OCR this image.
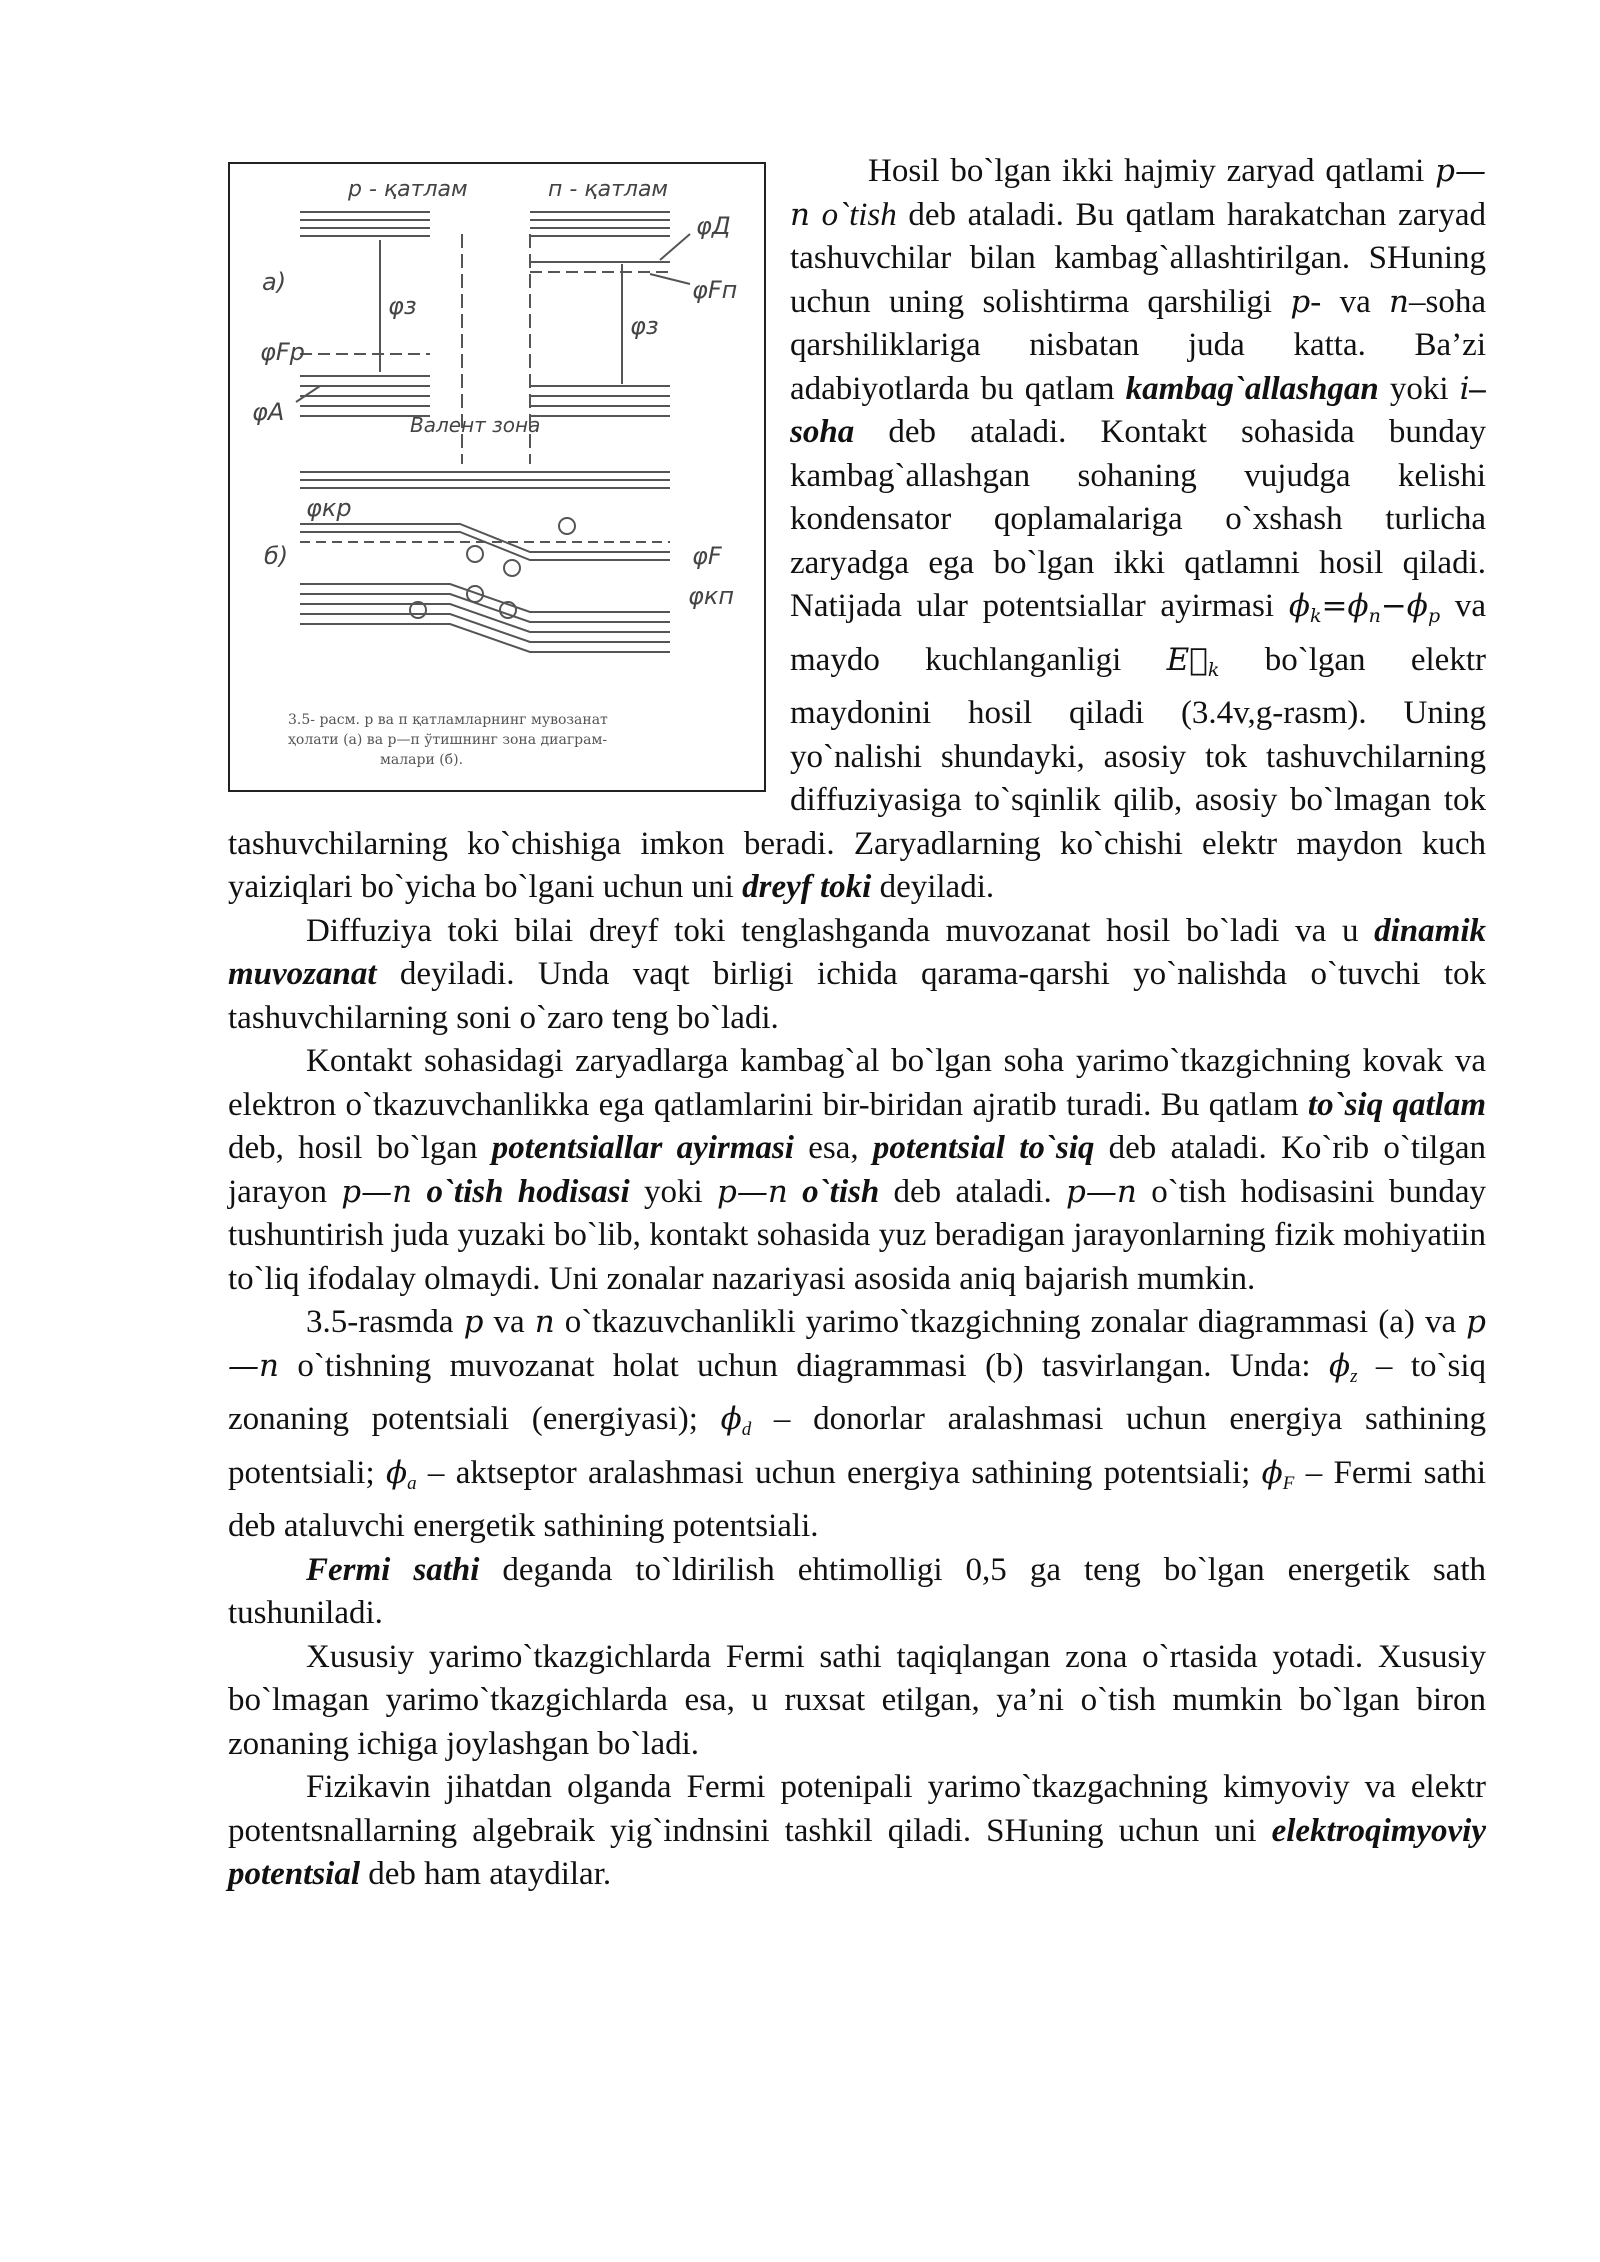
р - қатлам	п - қатлам
φД
φFп
а)
φз
φз
φFр
φА	Валент зона
φкр
б)	φF
φкп
3.5- расм. р ва п қатламларнинг мувозанат
ҳолати (а) ва р—п ўтишнинг зона диаграм-
малари (б).

Hosil bo`lgan ikki hajmiy zaryad qatlami p—n o`tish deb ataladi. Bu qatlam harakatchan zaryad tashuvchilar bilan kambag`allashtirilgan. SHuning uchun uning solishtirma qarshiligi p- va n–soha qarshiliklariga nisbatan juda katta. Ba’zi adabiyotlarda bu qatlam kambag`allashgan yoki i–soha deb ataladi. Kontakt sohasida bunday kambag`allashgan sohaning vujudga kelishi kondensator qoplamalariga o`xshash turlicha zaryadga ega bo`lgan ikki qatlamni hosil qiladi. Natijada ular potentsiallar ayirmasi $\phi_k=\phi_n-\phi_p$ va maydo kuchlanganligi $E⃗_k$ bo`lgan elektr maydonini hosil qiladi (3.4v,g-rasm). Uning yo`nalishi shundayki, asosiy tok tashuvchilarning diffuziyasiga to`sqinlik qilib, asosiy bo`lmagan tok tashuvchilarning ko`chishiga imkon beradi. Zaryadlarning ko`chishi elektr maydon kuch yaiziqlari bo`yicha bo`lgani uchun uni dreyf toki deyiladi.

Diffuziya toki bilai dreyf toki tenglashganda muvozanat hosil bo`ladi va u dinamik muvozanat deyiladi. Unda vaqt birligi ichida qarama-qarshi yo`nalishda o`tuvchi tok tashuvchilarning soni o`zaro teng bo`ladi.

Kontakt sohasidagi zaryadlarga kambag`al bo`lgan soha yarimo`tkazgichning kovak va elektron o`tkazuvchanlikka ega qatlamlarini bir-biridan ajratib turadi. Bu qatlam to`siq qatlam deb, hosil bo`lgan potentsiallar ayirmasi esa, potentsial to`siq deb ataladi. Ko`rib o`tilgan jarayon p—n o`tish hodisasi yoki p—n o`tish deb ataladi. p—n o`tish hodisasini bunday tushuntirish juda yuzaki bo`lib, kontakt sohasida yuz beradigan jarayonlarning fizik mohiyatiin to`liq ifodalay olmaydi. Uni zonalar nazariyasi asosida aniq bajarish mumkin.

3.5-rasmda p va n o`tkazuvchanlikli yarimo`tkazgichning zonalar diagrammasi (a) va p—n o`tishning muvozanat holat uchun diagrammasi (b) tasvirlangan. Unda: $\phi_z$ – to`siq zonaning potentsiali (energiyasi); $\phi_d$ – donorlar aralashmasi uchun energiya sathining potentsiali; $\phi_a$ – aktseptor aralashmasi uchun energiya sathining potentsiali; $\phi_F$ – Fermi sathi deb ataluvchi energetik sathining potentsiali.

Fermi sathi deganda to`ldirilish ehtimolligi 0,5 ga teng bo`lgan energetik sath tushuniladi.

Xususiy yarimo`tkazgichlarda Fermi sathi taqiqlangan zona o`rtasida yotadi. Xususiy bo`lmagan yarimo`tkazgichlarda esa, u ruxsat etilgan, ya’ni o`tish mumkin bo`lgan biron zonaning ichiga joylashgan bo`ladi.

Fizikavin jihatdan olganda Fermi potenipali yarimo`tkazgachning kimyoviy va elektr potentsnallarning algebraik yig`indnsini tashkil qiladi. SHuning uchun uni elektroqimyoviy potentsial deb ham ataydilar.
